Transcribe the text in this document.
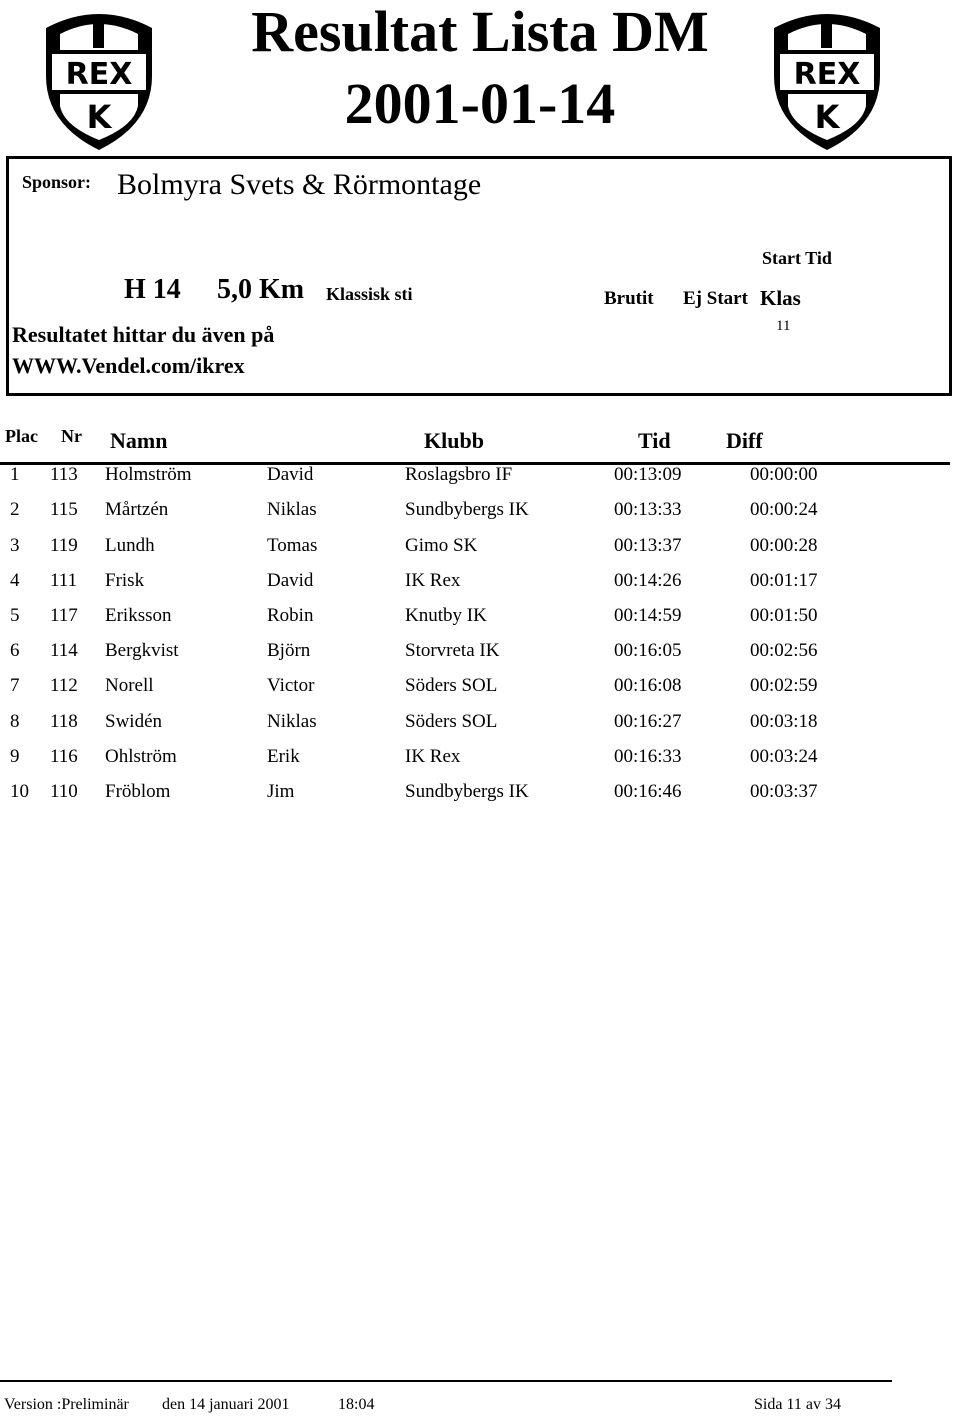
REX
K
REX
K
Resultat Lista DM
2001-01-14
Sponsor: Bolmyra Svets & Rörmontage
Start Tid
H 14 5,0 Km Klassisk sti	Brutit Ej Start Klas
11
Resultatet hittar du även på
WWW.Vendel.com/ikrex
Plac Nr Namn	Klubb	Tid	Diff
1 113 Holmström	David	Roslagsbro IF	00:13:09	00:00:00
2 115 Mårtzén	Niklas	Sundbybergs IK	00:13:33	00:00:24
3 119 Lundh	Tomas	Gimo SK	00:13:37	00:00:28
4 111 Frisk	David	IK Rex	00:14:26	00:01:17
5 117 Eriksson	Robin	Knutby IK	00:14:59	00:01:50
6 114 Bergkvist	Björn	Storvreta IK	00:16:05	00:02:56
7 112 Norell	Victor	Söders SOL	00:16:08	00:02:59
8 118 Swidén	Niklas	Söders SOL	00:16:27	00:03:18
9 116 Ohlström	Erik	IK Rex	00:16:33	00:03:24
10 110 Fröblom	Jim	Sundbybergs IK	00:16:46	00:03:37
Version :Preliminär den 14 januari 2001	18:04	Sida 11 av 34
